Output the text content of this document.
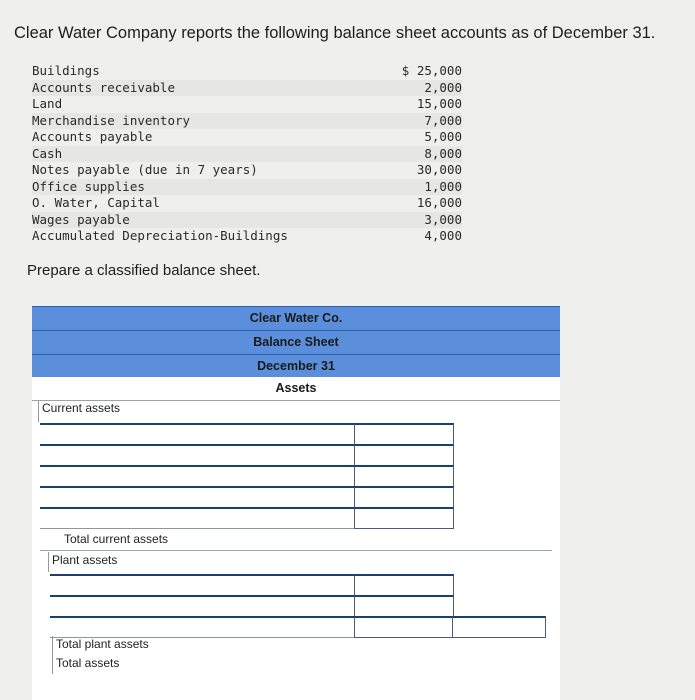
Clear Water Company reports the following balance sheet accounts as of December 31.
Buildings	$ 25,000
Accounts receivable	2,000
Land	15,000
Merchandise inventory	7,000
Accounts payable	5,000
Cash	8,000
Notes payable (due in 7 years)	30,000
Office supplies	1,000
O. Water, Capital	16,000
Wages payable	3,000
Accumulated Depreciation-Buildings	4,000
Prepare a classified balance sheet.
Clear Water Co.
Balance Sheet
December 31
Assets
Current assets
Total current assets
Plant assets
Total plant assets
Total assets
